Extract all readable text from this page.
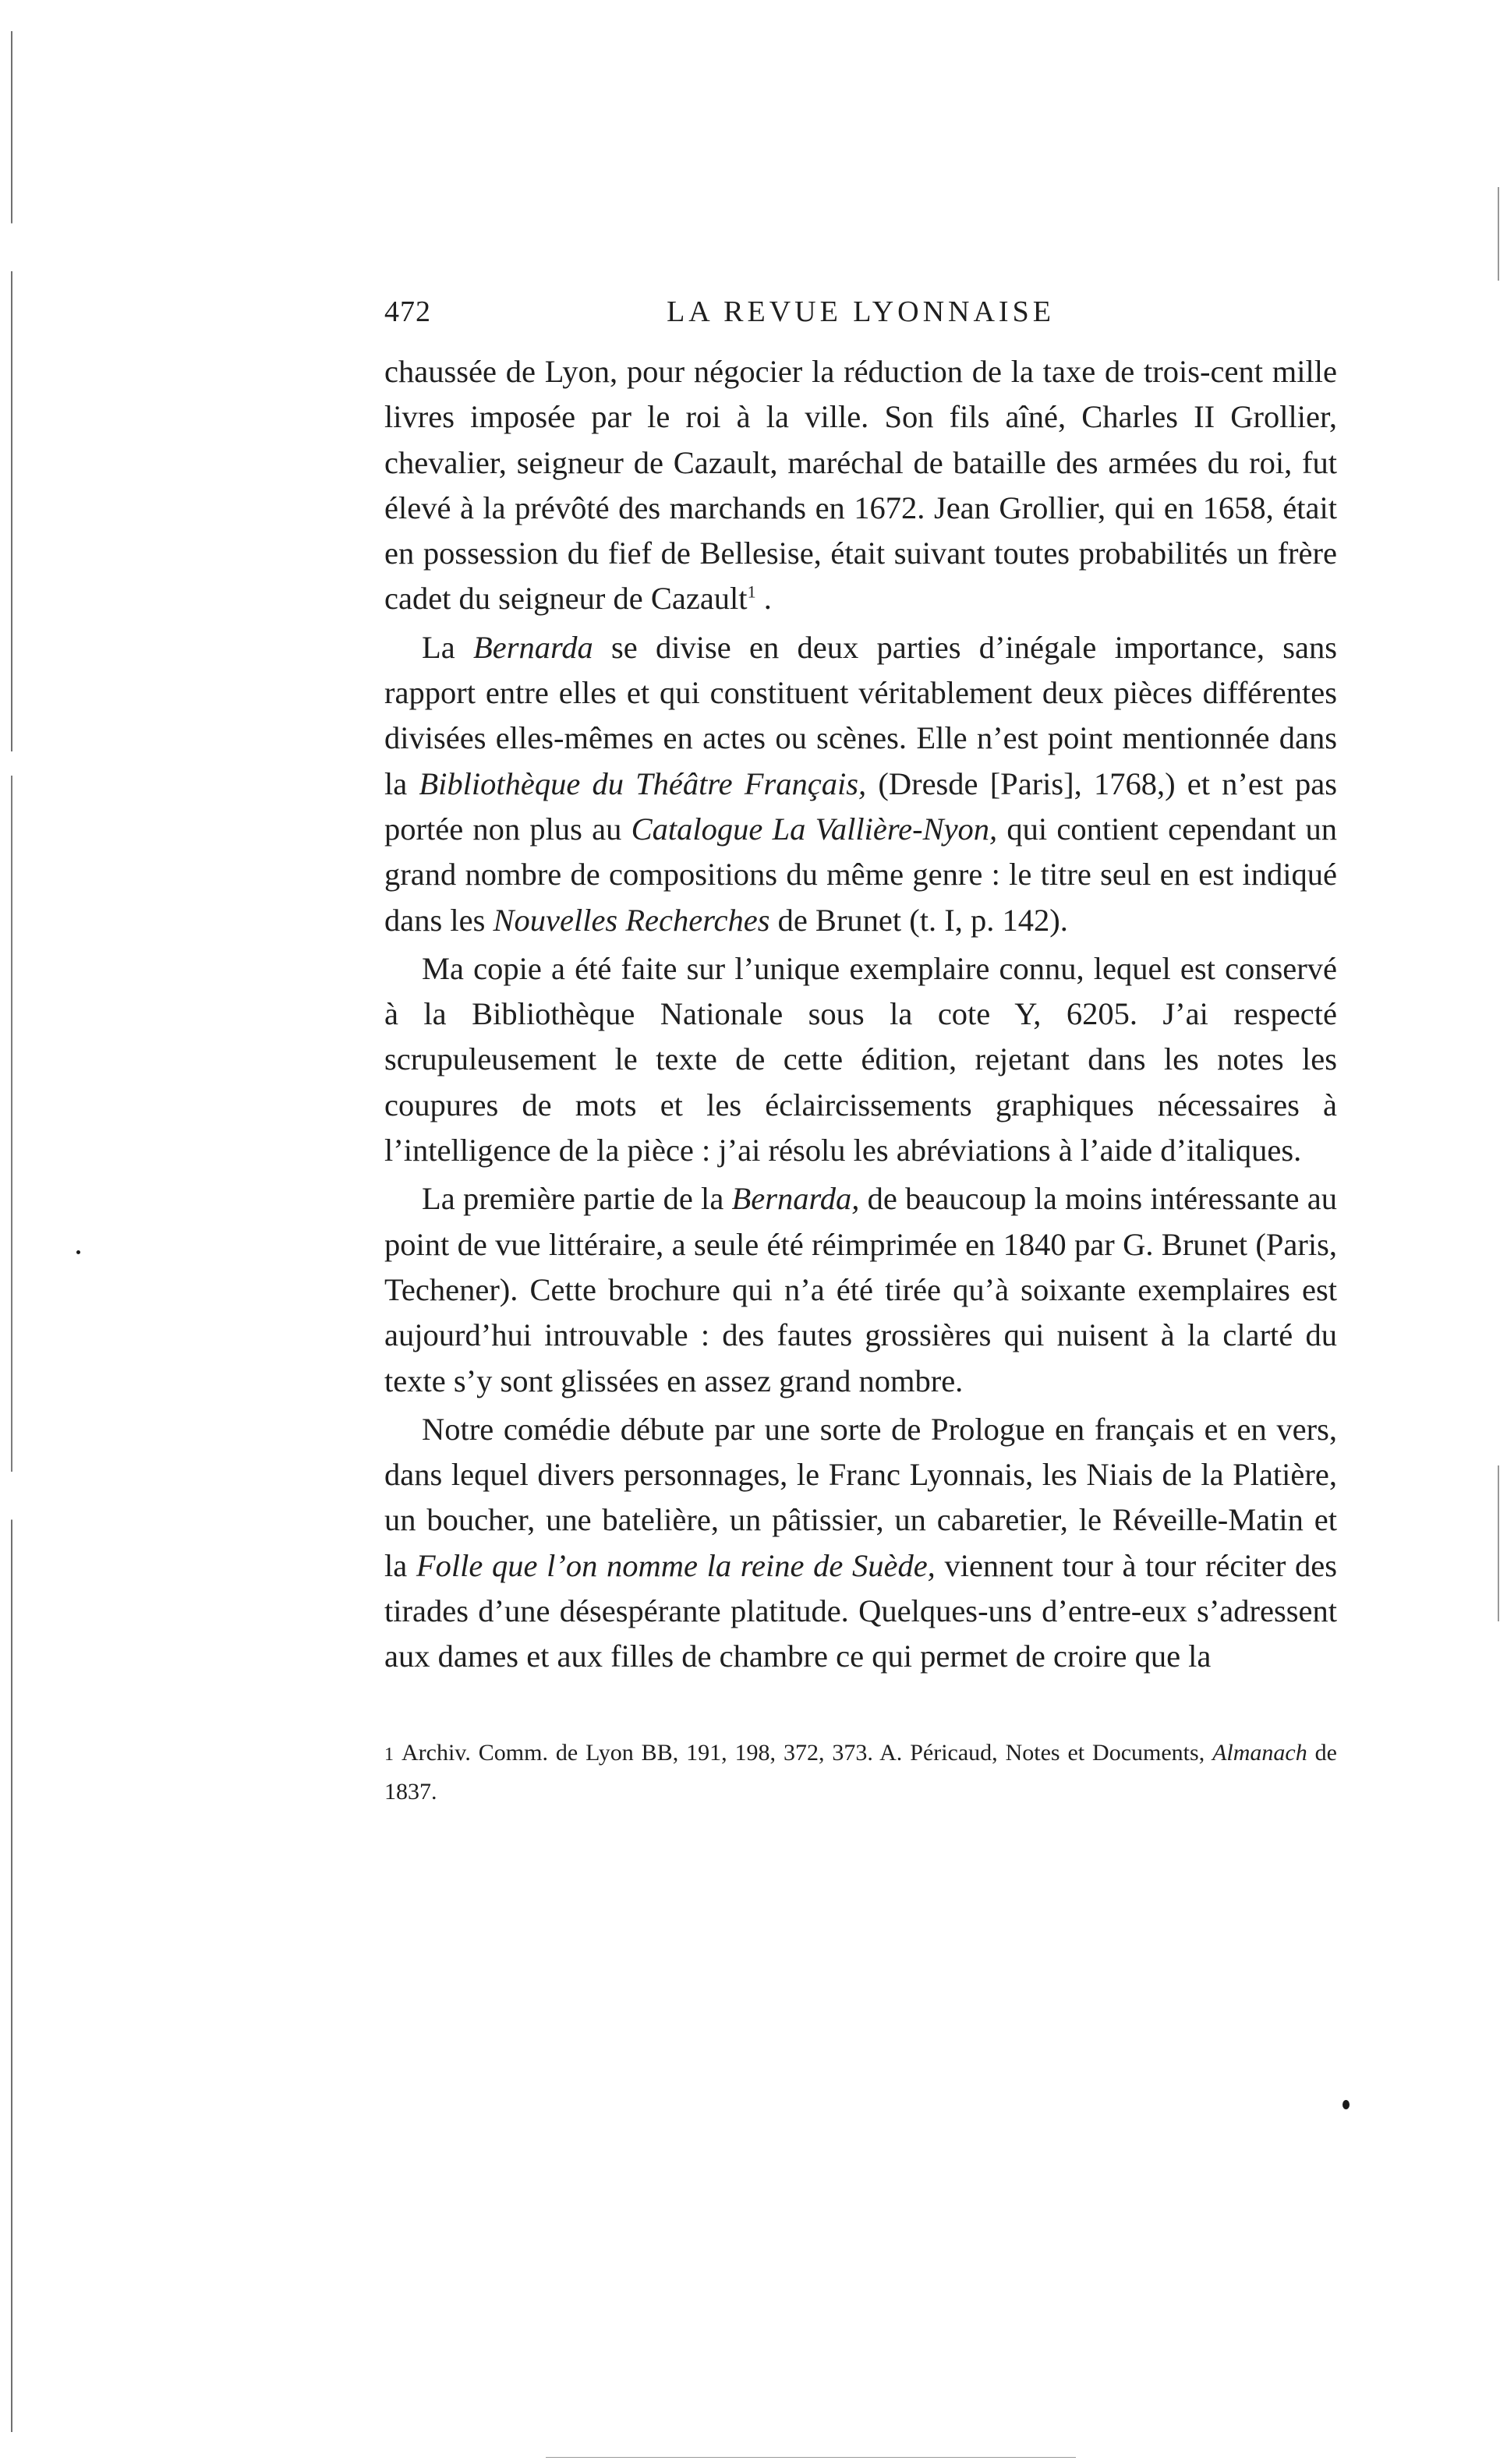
472	LA REVUE LYONNAISE

chaussée de Lyon, pour négocier la réduction de la taxe de trois-cent mille livres imposée par le roi à la ville. Son fils aîné, Charles II Grollier, chevalier, seigneur de Cazault, maréchal de bataille des armées du roi, fut élevé à la prévôté des marchands en 1672. Jean Grollier, qui en 1658, était en possession du fief de Bellesise, était suivant toutes probabilités un frère cadet du seigneur de Cazault$^1$ .

La Bernarda se divise en deux parties d’inégale importance, sans rapport entre elles et qui constituent véritablement deux pièces différentes divisées elles-mêmes en actes ou scènes. Elle n’est point mentionnée dans la Bibliothèque du Théâtre Français, (Dresde [Paris], 1768,) et n’est pas portée non plus au Catalogue La Vallière-Nyon, qui contient cependant un grand nombre de compositions du même genre : le titre seul en est indiqué dans les Nouvelles Recherches de Brunet (t. I, p. 142).

Ma copie a été faite sur l’unique exemplaire connu, lequel est conservé à la Bibliothèque Nationale sous la cote Y, 6205. J’ai respecté scrupuleusement le texte de cette édition, rejetant dans les notes les coupures de mots et les éclaircissements graphiques nécessaires à l’intelligence de la pièce : j’ai résolu les abréviations à l’aide d’italiques.

La première partie de la Bernarda, de beaucoup la moins intéressante au point de vue littéraire, a seule été réimprimée en 1840 par G. Brunet (Paris, Techener). Cette brochure qui n’a été tirée qu’à soixante exemplaires est aujourd’hui introuvable : des fautes grossières qui nuisent à la clarté du texte s’y sont glissées en assez grand nombre.

Notre comédie débute par une sorte de Prologue en français et en vers, dans lequel divers personnages, le Franc Lyonnais, les Niais de la Platière, un boucher, une batelière, un pâtissier, un cabaretier, le Réveille-Matin et la Folle que l’on nomme la reine de Suède, viennent tour à tour réciter des tirades d’une désespérante platitude. Quelques-uns d’entre-eux s’adressent aux dames et aux filles de chambre ce qui permet de croire que la

1 Archiv. Comm. de Lyon BB, 191, 198, 372, 373. A. Péricaud, Notes et Documents, Almanach de 1837.
